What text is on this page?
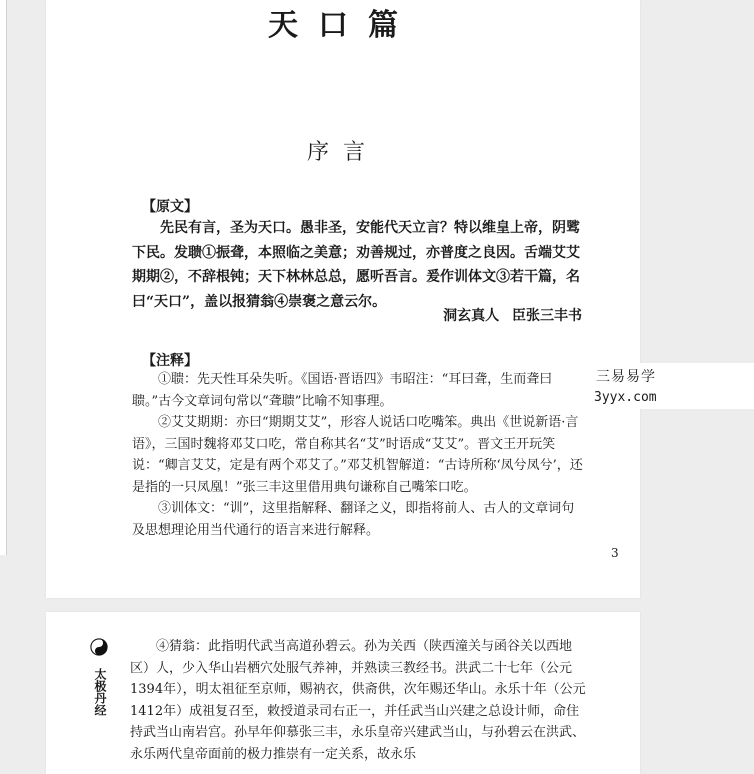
天口篇
序言
【原文】

先民有言，圣为天口。愚非圣，安能代天立言？特以维皇上帝，阴骘下民。发聩①振聋，本照临之美意；劝善规过，亦普度之良因。舌端艾艾期期②，不辞根钝；天下林林总总，愿听吾言。爰作训体文③若干篇，名曰“天口”，盖以报猜翁④崇褒之意云尔。

洞玄真人 臣张三丰书
【注释】

①聩：先天性耳朵失听。《国语·晋语四》韦昭注：“耳曰聋，生而聋曰聩。”古今文章词句常以“聋聩”比喻不知事理。

②艾艾期期：亦曰“期期艾艾”，形容人说话口吃嘴笨。典出《世说新语·言语》，三国时魏将邓艾口吃，常自称其名“艾”时语成“艾艾”。晋文王开玩笑说：“卿言艾艾，定是有两个邓艾了。”邓艾机智解道：“古诗所称‘凤兮凤兮’，还是指的一只凤凰！”张三丰这里借用典句谦称自己嘴笨口吃。

③训体文：“训”，这里指解释、翻译之义，即指将前人、古人的文章词句及思想理论用当代通行的语言来进行解释。

3
三易易学
3yyx.com
太极丹经

④猜翁：此指明代武当高道孙碧云。孙为关西（陕西潼关与函谷关以西地区）人，少入华山岩栖穴处服气养神，并熟读三教经书。洪武二十七年（公元1394年），明太祖征至京师，赐衲衣，供斋供，次年赐还华山。永乐十年（公元1412年）成祖复召至，敕授道录司右正一，并任武当山兴建之总设计师，命住持武当山南岩宫。孙早年仰慕张三丰，永乐皇帝兴建武当山，与孙碧云在洪武、永乐两代皇帝面前的极力推崇有一定关系，故永乐
